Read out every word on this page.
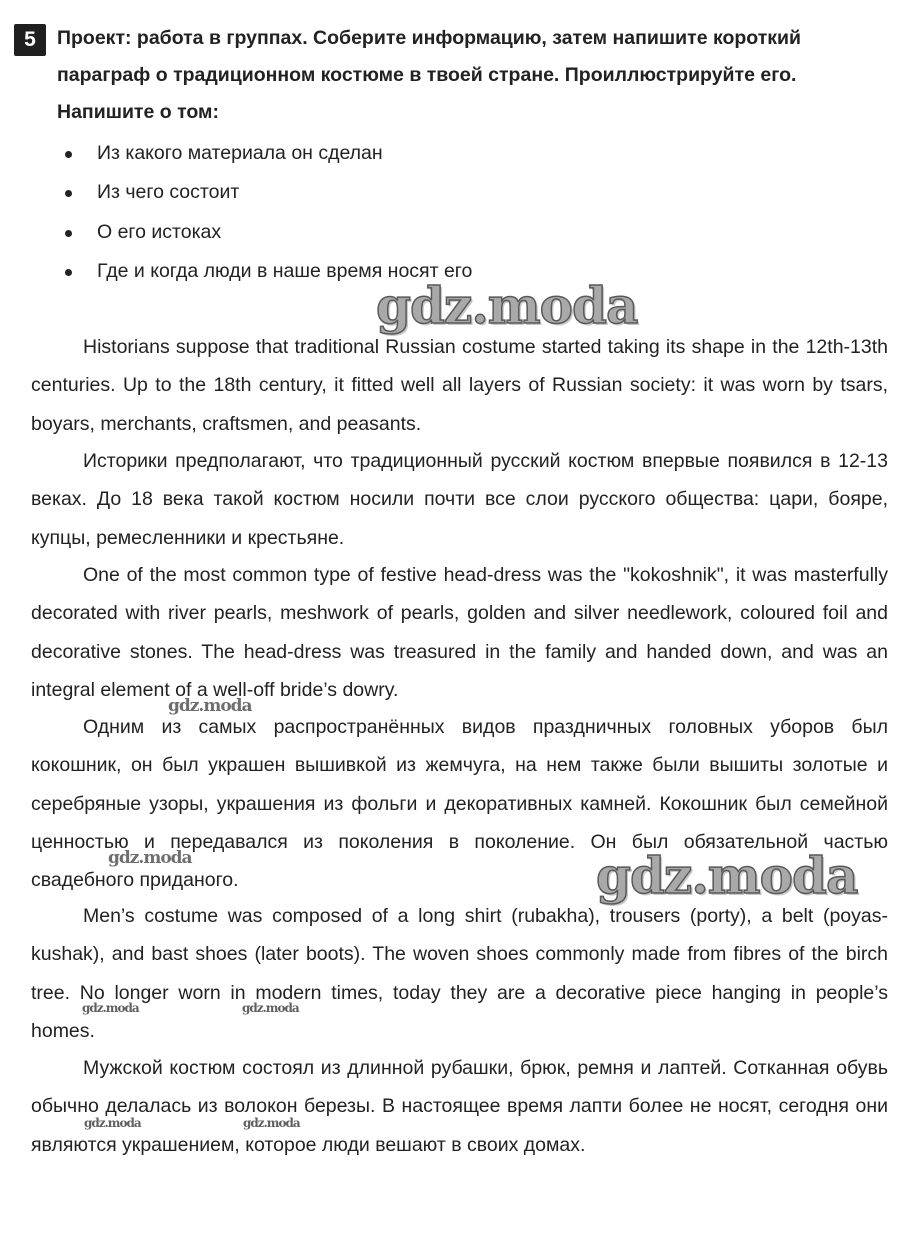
5	Проект: работа в группах. Соберите информацию, затем напишите короткий параграф о традиционном костюме в твоей стране. Проиллюстрируйте его. Напишите о том:
Из какого материала он сделан
Из чего состоит
О его истоках
Где и когда люди в наше время носят его

Historians suppose that traditional Russian costume started taking its shape in the 12th-13th centuries. Up to the 18th century, it fitted well all layers of Russian society: it was worn by tsars, boyars, merchants, craftsmen, and peasants.

Историки предполагают, что традиционный русский костюм впервые появился в 12-13 веках. До 18 века такой костюм носили почти все слои русского общества: цари, бояре, купцы, ремесленники и крестьяне.

One of the most common type of festive head-dress was the "kokoshnik", it was masterfully decorated with river pearls, meshwork of pearls, golden and silver needlework, coloured foil and decorative stones. The head-dress was treasured in the family and handed down, and was an integral element of a well-off bride’s dowry.

Одним из самых распространённых видов праздничных головных уборов был кокошник, он был украшен вышивкой из жемчуга, на нем также были вышиты золотые и серебряные узоры, украшения из фольги и декоративных камней. Кокошник был семейной ценностью и передавался из поколения в поколение. Он был обязательной частью свадебного приданого.

Men’s costume was composed of a long shirt (rubakha), trousers (porty), a belt (poyas- kushak), and bast shoes (later boots). The woven shoes commonly made from fibres of the birch tree. No longer worn in modern times, today they are a decorative piece hanging in people’s homes.

Мужской костюм состоял из длинной рубашки, брюк, ремня и лаптей. Сотканная обувь обычно делалась из волокон березы. В настоящее время лапти более не носят, сегодня они являются украшением, которое люди вешают в своих домах.

gdz.moda
gdz.moda
gdz.moda
gdz.moda
gdz.moda	gdz.moda
gdz.moda	gdz.moda
